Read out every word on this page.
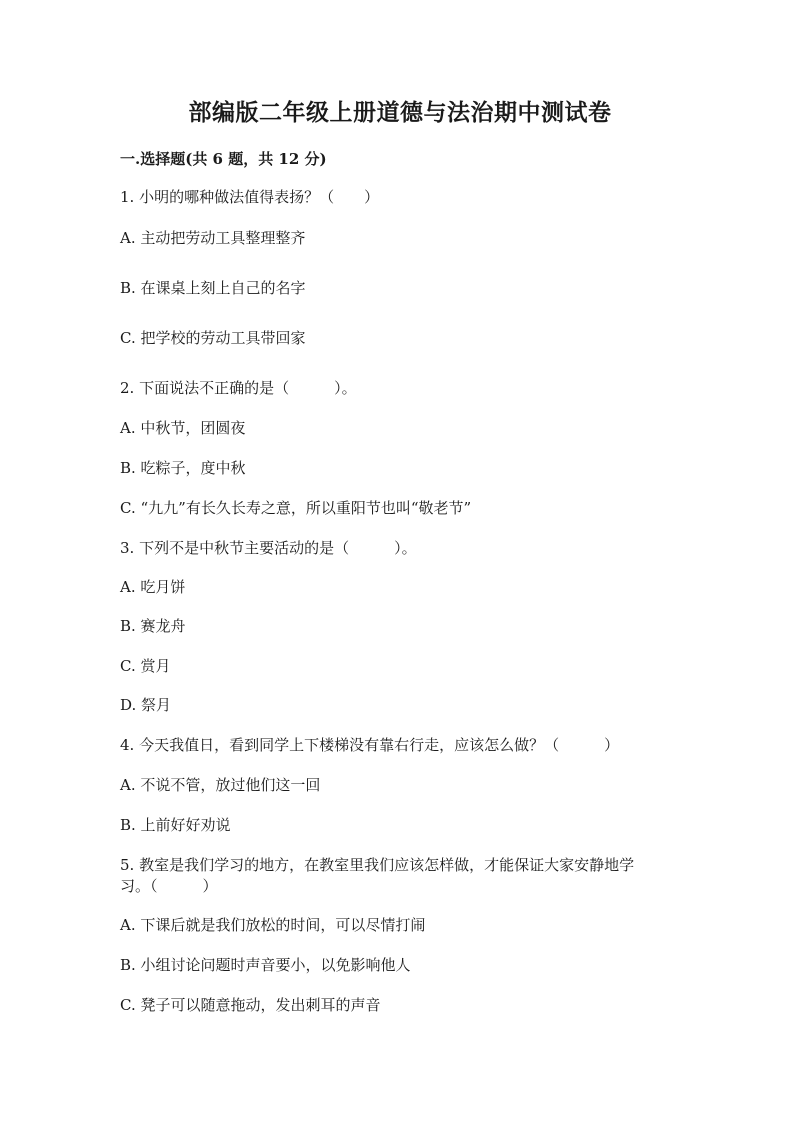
部编版二年级上册道德与法治期中测试卷
一.选择题(共 6 题，共 12 分)
1. 小明的哪种做法值得表扬？（　　）
A. 主动把劳动工具整理整齐
B. 在课桌上刻上自己的名字
C. 把学校的劳动工具带回家
2. 下面说法不正确的是（　　　）。
A. 中秋节，团圆夜
B. 吃粽子，度中秋
C. “九九”有长久长寿之意，所以重阳节也叫“敬老节”
3. 下列不是中秋节主要活动的是（　　　）。
A. 吃月饼
B. 赛龙舟
C. 赏月
D. 祭月
4. 今天我值日，看到同学上下楼梯没有靠右行走，应该怎么做？（　　　）
A. 不说不管，放过他们这一回
B. 上前好好劝说
5. 教室是我们学习的地方，在教室里我们应该怎样做，才能保证大家安静地学
习。（　　　）
A. 下课后就是我们放松的时间，可以尽情打闹
B. 小组讨论问题时声音要小，以免影响他人
C. 凳子可以随意拖动，发出刺耳的声音
